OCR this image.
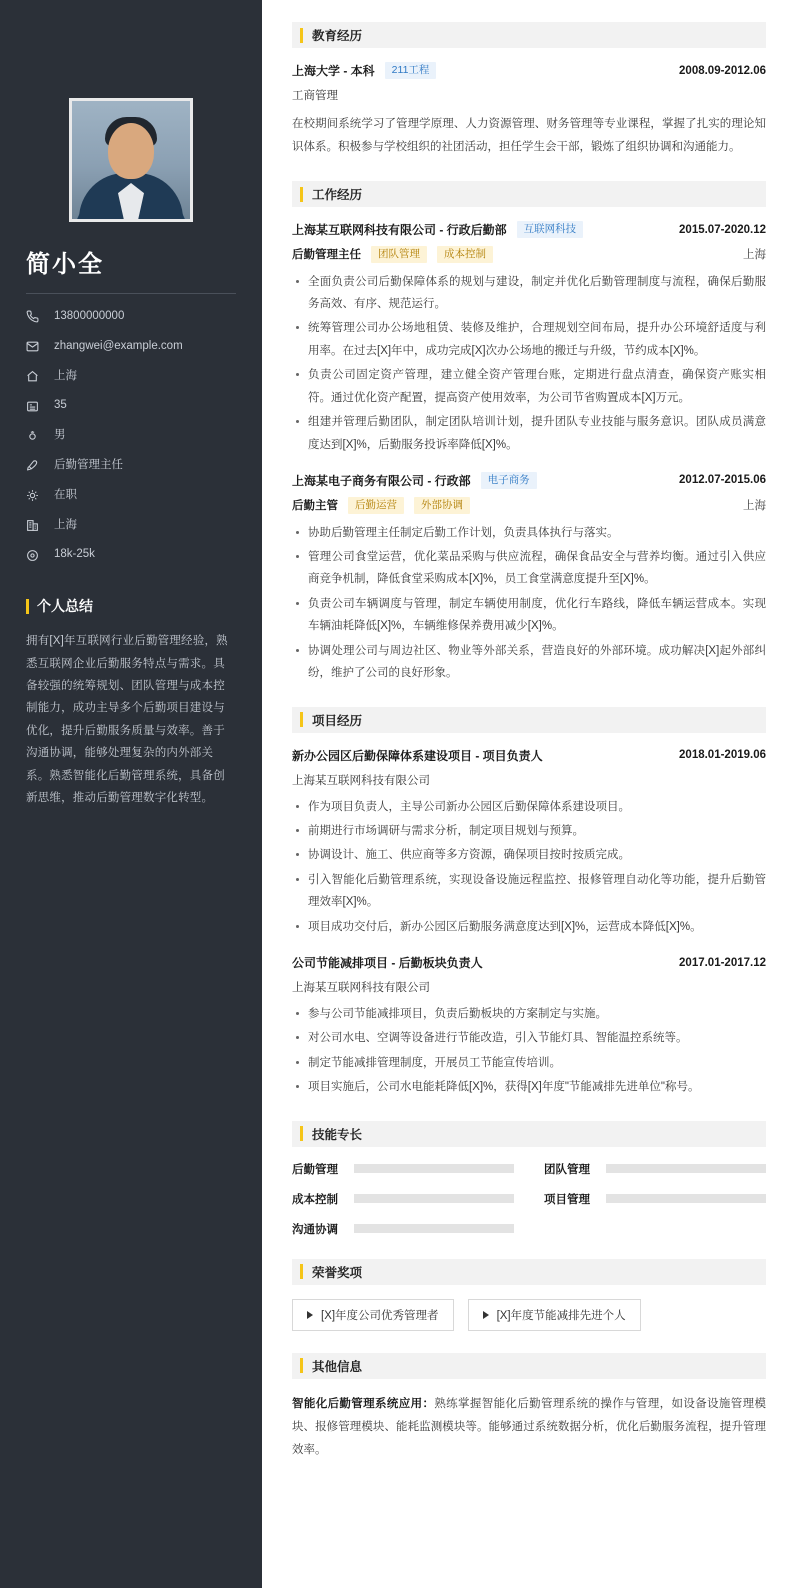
简小全
13800000000
zhangwei@example.com
上海
35
男
后勤管理主任
在职
上海
18k-25k
个人总结
拥有[X]年互联网行业后勤管理经验，熟悉互联网企业后勤服务特点与需求。具备较强的统筹规划、团队管理与成本控制能力，成功主导多个后勤项目建设与优化，提升后勤服务质量与效率。善于沟通协调，能够处理复杂的内外部关系。熟悉智能化后勤管理系统，具备创新思维，推动后勤管理数字化转型。
教育经历
上海大学 - 本科	211工程	2008.09-2012.06
工商管理
在校期间系统学习了管理学原理、人力资源管理、财务管理等专业课程，掌握了扎实的理论知识体系。积极参与学校组织的社团活动，担任学生会干部，锻炼了组织协调和沟通能力。
工作经历
上海某互联网科技有限公司 - 行政后勤部	互联网科技	2015.07-2020.12
后勤管理主任	团队管理	成本控制	上海
全面负责公司后勤保障体系的规划与建设，制定并优化后勤管理制度与流程，确保后勤服务高效、有序、规范运行。
统筹管理公司办公场地租赁、装修及维护，合理规划空间布局，提升办公环境舒适度与利用率。在过去[X]年中，成功完成[X]次办公场地的搬迁与升级，节约成本[X]%。
负责公司固定资产管理，建立健全资产管理台账，定期进行盘点清查，确保资产账实相符。通过优化资产配置，提高资产使用效率，为公司节省购置成本[X]万元。
组建并管理后勤团队，制定团队培训计划，提升团队专业技能与服务意识。团队成员满意度达到[X]%，后勤服务投诉率降低[X]%。
上海某电子商务有限公司 - 行政部	电子商务	2012.07-2015.06
后勤主管	后勤运营	外部协调	上海
协助后勤管理主任制定后勤工作计划，负责具体执行与落实。
管理公司食堂运营，优化菜品采购与供应流程，确保食品安全与营养均衡。通过引入供应商竞争机制，降低食堂采购成本[X]%，员工食堂满意度提升至[X]%。
负责公司车辆调度与管理，制定车辆使用制度，优化行车路线，降低车辆运营成本。实现车辆油耗降低[X]%，车辆维修保养费用减少[X]%。
协调处理公司与周边社区、物业等外部关系，营造良好的外部环境。成功解决[X]起外部纠纷，维护了公司的良好形象。
项目经历
新办公园区后勤保障体系建设项目 - 项目负责人	2018.01-2019.06
上海某互联网科技有限公司
作为项目负责人，主导公司新办公园区后勤保障体系建设项目。
前期进行市场调研与需求分析，制定项目规划与预算。
协调设计、施工、供应商等多方资源，确保项目按时按质完成。
引入智能化后勤管理系统，实现设备设施远程监控、报修管理自动化等功能，提升后勤管理效率[X]%。
项目成功交付后，新办公园区后勤服务满意度达到[X]%，运营成本降低[X]%。
公司节能减排项目 - 后勤板块负责人	2017.01-2017.12
上海某互联网科技有限公司
参与公司节能减排项目，负责后勤板块的方案制定与实施。
对公司水电、空调等设备进行节能改造，引入节能灯具、智能温控系统等。
制定节能减排管理制度，开展员工节能宣传培训。
项目实施后，公司水电能耗降低[X]%，获得[X]年度"节能减排先进单位"称号。
技能专长
后勤管理	团队管理
成本控制	项目管理
沟通协调
荣誉奖项
[X]年度公司优秀管理者	[X]年度节能减排先进个人
其他信息
智能化后勤管理系统应用：熟练掌握智能化后勤管理系统的操作与管理，如设备设施管理模块、报修管理模块、能耗监测模块等。能够通过系统数据分析，优化后勤服务流程，提升管理效率。
